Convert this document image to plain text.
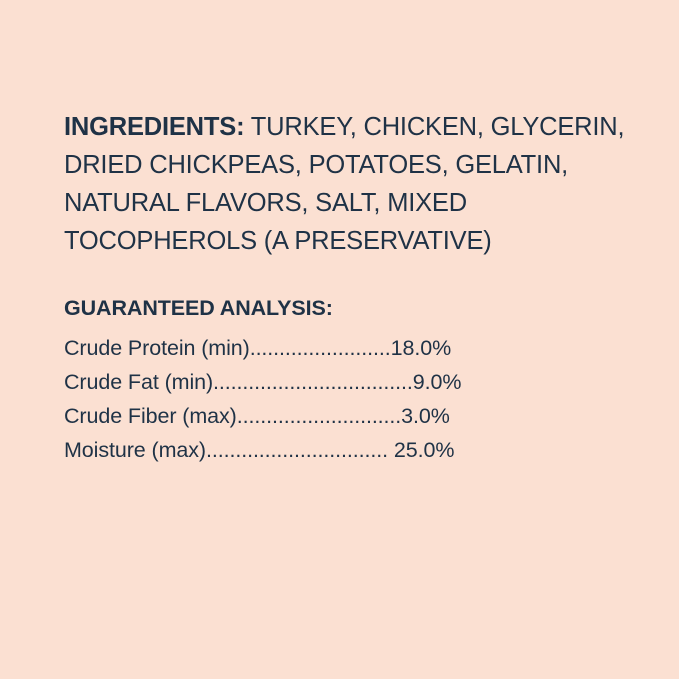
INGREDIENTS: TURKEY, CHICKEN, GLYCERIN, DRIED CHICKPEAS, POTATOES, GELATIN, NATURAL FLAVORS, SALT, MIXED TOCOPHEROLS (A PRESERVATIVE)

GUARANTEED ANALYSIS:

Crude Protein (min)........................18.0%
Crude Fat (min)..................................9.0%
Crude Fiber (max)............................3.0%
Moisture (max)............................... 25.0%
